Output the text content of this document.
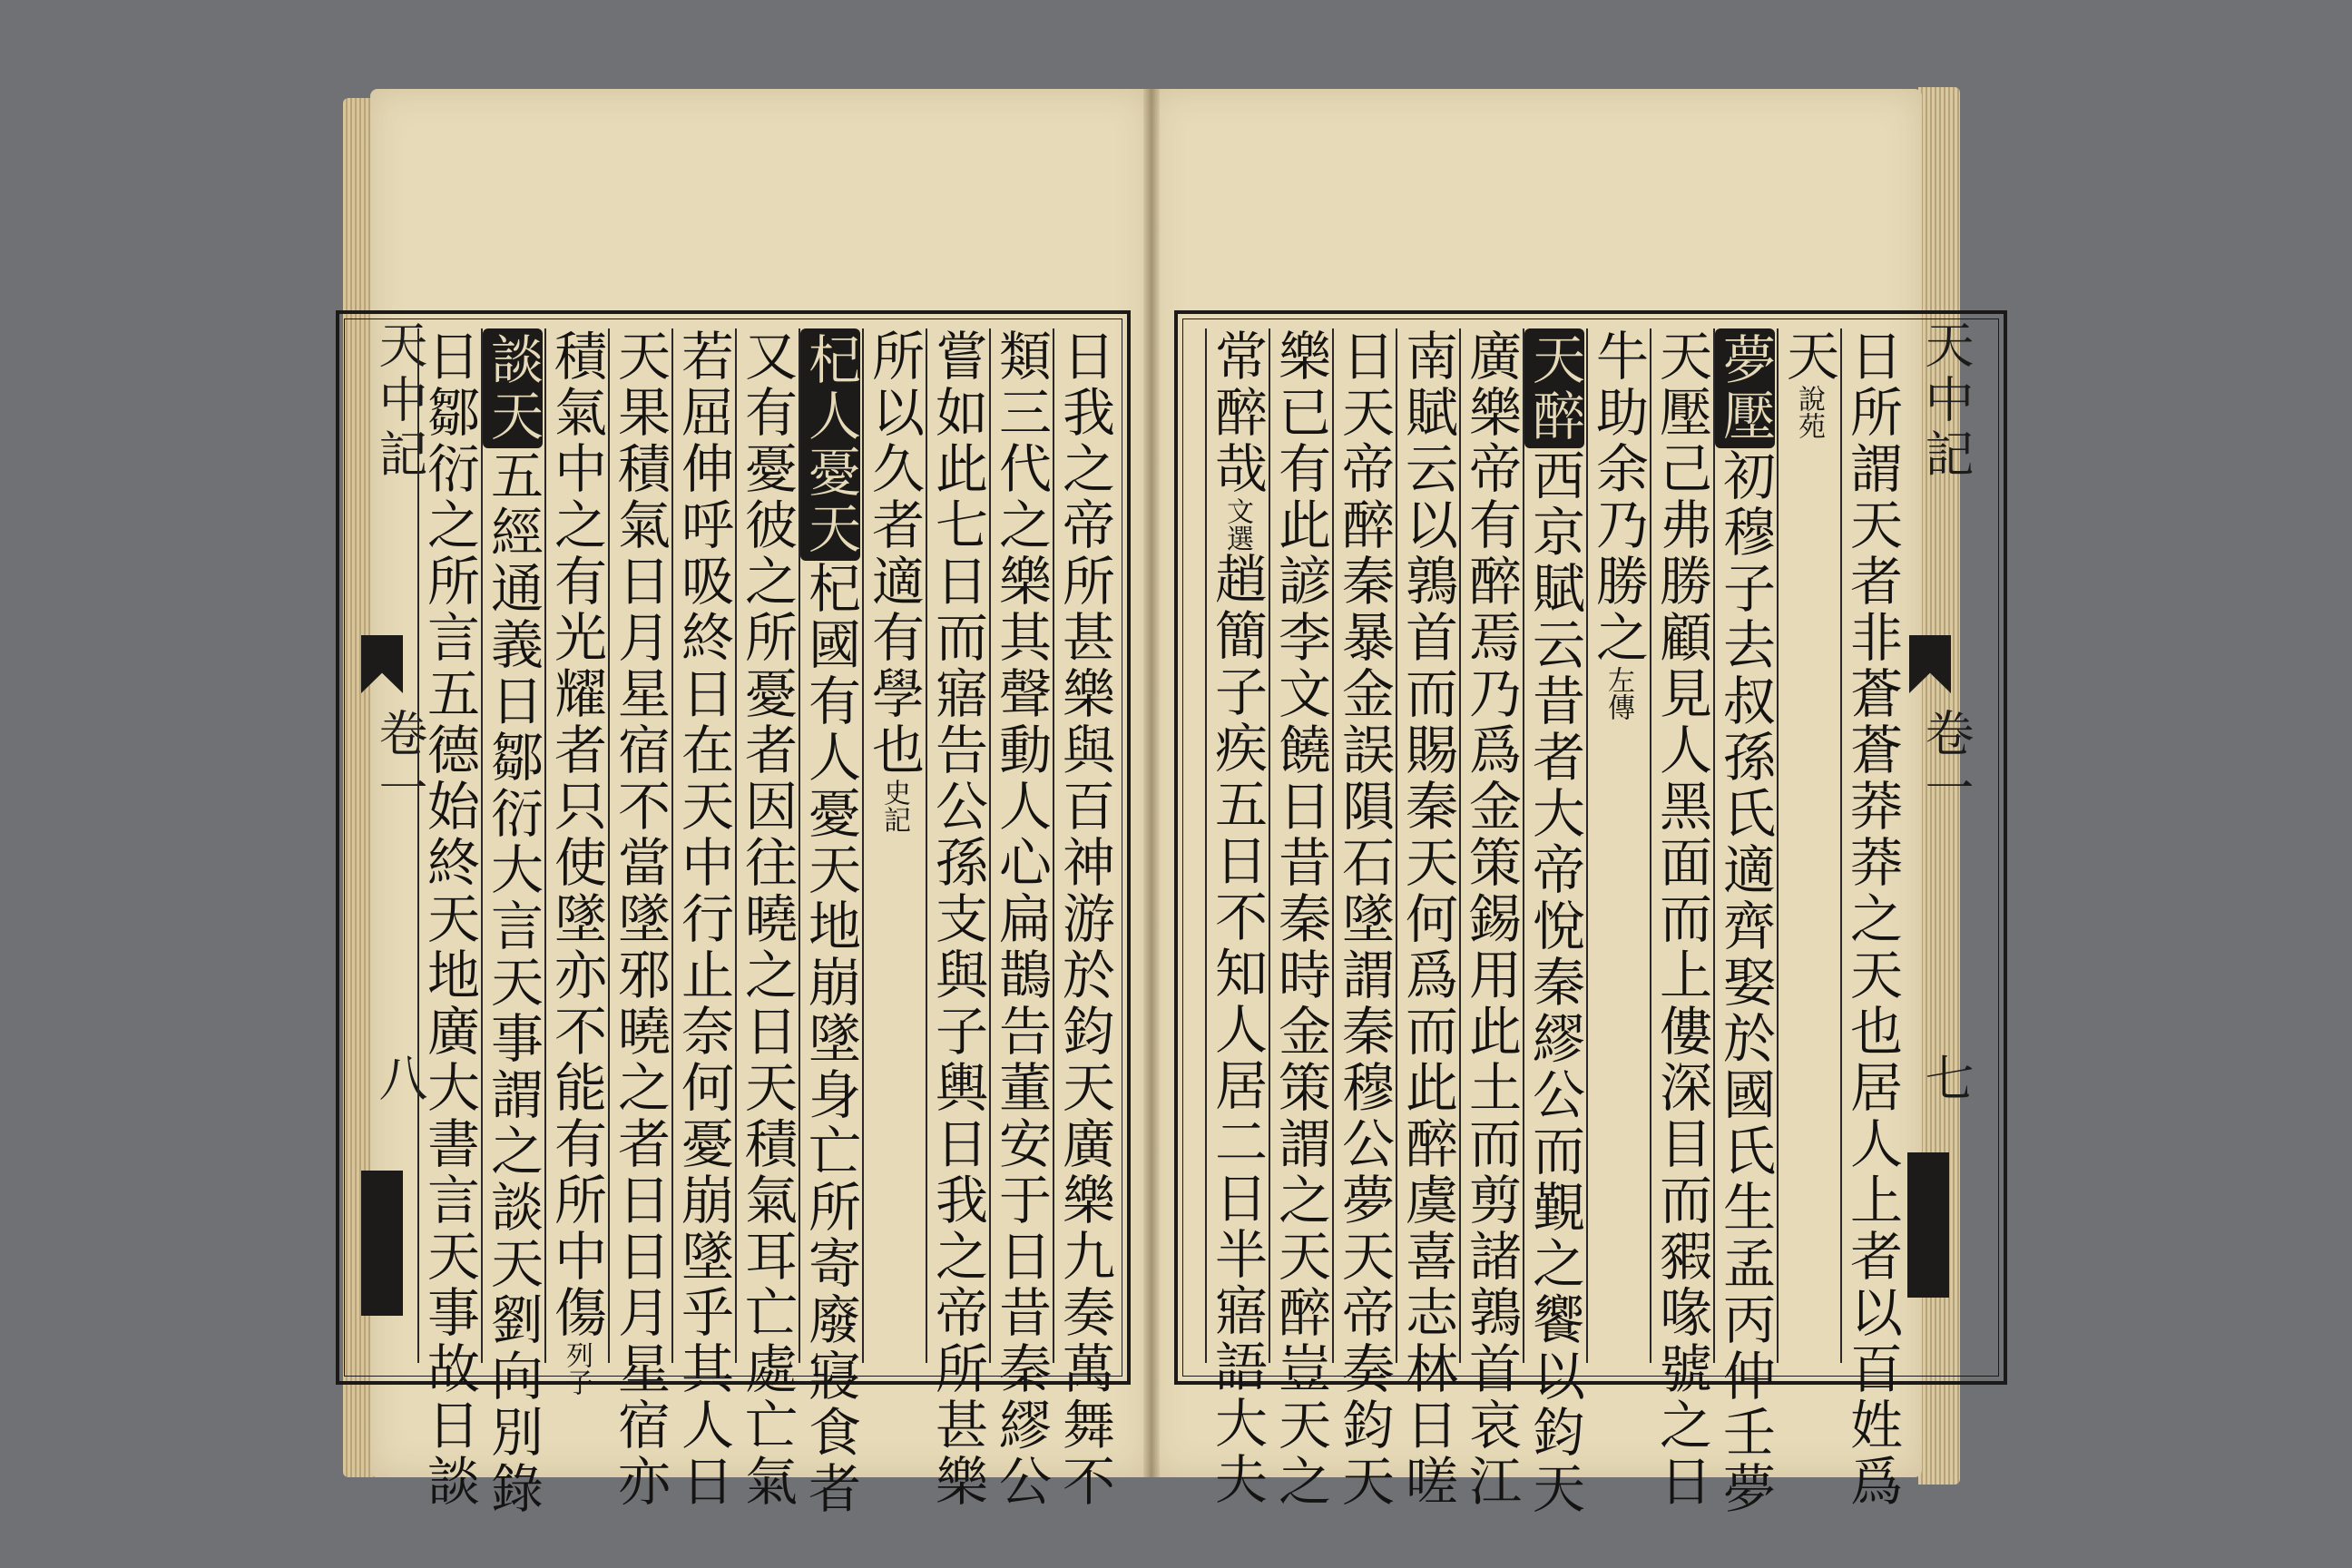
天中記
卷一
八
天中記
卷一
七
日我之帝所甚樂與百神游於鈞天廣樂九奏萬舞不
類三代之樂其聲動人心扁鵲告董安于日昔秦繆公
嘗如此七日而寤告公孫支與子輿日我之帝所甚樂
所以久者適有學也史記
杞人憂天杞國有人憂天地崩墜身亡所寄廢寢食者
又有憂彼之所憂者因往曉之日天積氣耳亡處亡氣
若屈伸呼吸終日在天中行止奈何憂崩墜乎其人日
天果積氣日月星宿不當墜邪曉之者日日月星宿亦
積氣中之有光耀者只使墜亦不能有所中傷列子
談天五經通義日鄒衍大言天事謂之談天劉向別錄
日鄒衍之所言五德始終天地廣大書言天事故日談	日所謂天者非蒼蒼莽莽之天也居人上者以百姓爲
天說苑
夢壓初穆子去叔孫氏適齊娶於國氏生孟丙仲壬夢
天壓己弗勝顧見人黑面而上僂深目而豭喙號之日
牛助余乃勝之左傳
天醉西京賦云昔者大帝悅秦繆公而覲之饗以鈞天
廣樂帝有醉焉乃爲金策錫用此土而剪諸鶉首哀江
南賦云以鶉首而賜秦天何爲而此醉虞喜志林日嗟
日天帝醉秦暴金誤隕石墜謂秦穆公夢天帝奏鈞天
樂已有此諺李文饒日昔秦時金策謂之天醉豈天之
常醉哉文選趙簡子疾五日不知人居二日半寤語大夫
